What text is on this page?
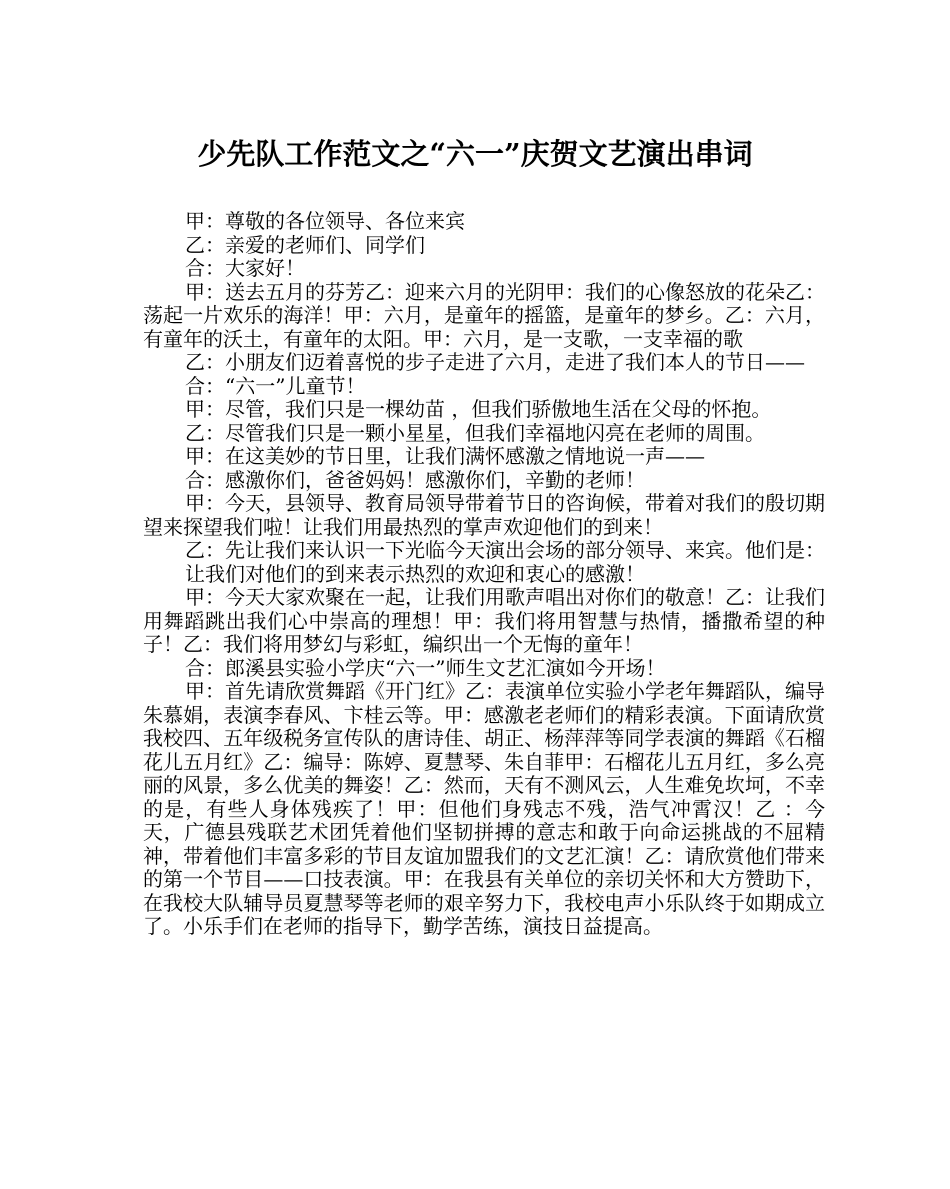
少先队工作范文之“六一”庆贺文艺演出串词

甲：尊敬的各位领导、各位来宾

乙：亲爱的老师们、同学们

合：大家好！

甲：送去五月的芬芳乙：迎来六月的光阴甲：我们的心像怒放的花朵乙：荡起一片欢乐的海洋！甲：六月，是童年的摇篮，是童年的梦乡。乙：六月，有童年的沃土，有童年的太阳。甲：六月，是一支歌，一支幸福的歌

乙：小朋友们迈着喜悦的步子走进了六月，走进了我们本人的节日——

合：“六一”儿童节！

甲：尽管，我们只是一棵幼苗 ，但我们骄傲地生活在父母的怀抱。

乙：尽管我们只是一颗小星星，但我们幸福地闪亮在老师的周围。

甲：在这美妙的节日里，让我们满怀感激之情地说一声——

合：感激你们，爸爸妈妈！感激你们，辛勤的老师！

甲：今天，县领导、教育局领导带着节日的咨询候，带着对我们的殷切期望来探望我们啦！让我们用最热烈的掌声欢迎他们的到来！

乙：先让我们来认识一下光临今天演出会场的部分领导、来宾。他们是：

让我们对他们的到来表示热烈的欢迎和衷心的感激！

甲：今天大家欢聚在一起，让我们用歌声唱出对你们的敬意！乙：让我们用舞蹈跳出我们心中崇高的理想！甲：我们将用智慧与热情，播撒希望的种子！乙：我们将用梦幻与彩虹，编织出一个无悔的童年！

合：郎溪县实验小学庆“六一”师生文艺汇演如今开场！

甲：首先请欣赏舞蹈《开门红》乙：表演单位实验小学老年舞蹈队，编导朱慕娟，表演李春风、卞桂云等。甲：感激老老师们的精彩表演。下面请欣赏我校四、五年级税务宣传队的唐诗佳、胡正、杨萍萍等同学表演的舞蹈《石榴花儿五月红》乙：编导：陈婷、夏慧琴、朱自菲甲：石榴花儿五月红，多么亮丽的风景，多么优美的舞姿！乙：然而，天有不测风云，人生难免坎坷，不幸的是，有些人身体残疾了！甲：但他们身残志不残，浩气冲霄汉！乙 ：今天，广德县残联艺术团凭着他们坚韧拼搏的意志和敢于向命运挑战的不屈精神，带着他们丰富多彩的节目友谊加盟我们的文艺汇演！乙：请欣赏他们带来的第一个节目——口技表演。甲：在我县有关单位的亲切关怀和大方赞助下，在我校大队辅导员夏慧琴等老师的艰辛努力下，我校电声小乐队终于如期成立了。小乐手们在老师的指导下，勤学苦练，演技日益提高。
